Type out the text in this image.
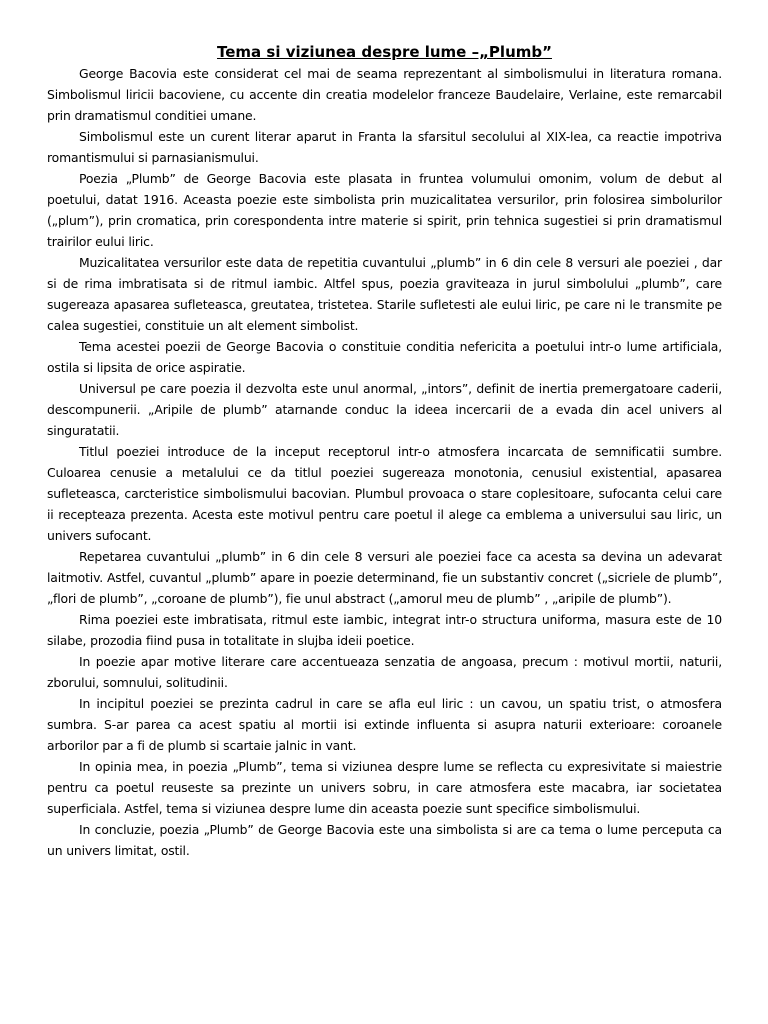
Tema si viziunea despre lume –„Plumb”

George Bacovia este considerat cel mai de seama reprezentant al simbolismului in literatura romana. Simbolismul liricii bacoviene, cu accente din creatia modelelor franceze Baudelaire, Verlaine, este remarcabil prin dramatismul conditiei umane.

Simbolismul este un curent literar aparut in Franta la sfarsitul secolului al XIX-lea, ca reactie impotriva romantismului si parnasianismului.

Poezia „Plumb” de George Bacovia este plasata in fruntea volumului omonim, volum de debut al poetului, datat 1916. Aceasta poezie este simbolista prin muzicalitatea versurilor, prin folosirea simbolurilor („plum”), prin cromatica, prin corespondenta intre materie si spirit, prin tehnica sugestiei si prin dramatismul trairilor eului liric.

Muzicalitatea versurilor este data de repetitia cuvantului „plumb” in 6 din cele 8 versuri ale poeziei , dar si de rima imbratisata si de ritmul iambic. Altfel spus, poezia graviteaza in jurul simbolului „plumb”, care sugereaza apasarea sufleteasca, greutatea, tristetea. Starile sufletesti ale eului liric, pe care ni le transmite pe calea sugestiei, constituie un alt element simbolist.

Tema acestei poezii de George Bacovia o constituie conditia nefericita a poetului intr-o lume artificiala, ostila si lipsita de orice aspiratie.

Universul pe care poezia il dezvolta este unul anormal, „intors”, definit de inertia premergatoare caderii, descompunerii. „Aripile de plumb” atarnande conduc la ideea incercarii de a evada din acel univers al singuratatii.

Titlul poeziei introduce de la inceput receptorul intr-o atmosfera incarcata de semnificatii sumbre. Culoarea cenusie a metalului ce da titlul poeziei sugereaza monotonia, cenusiul existential, apasarea sufleteasca, carcteristice simbolismului bacovian. Plumbul provoaca o stare coplesitoare, sufocanta celui care ii recepteaza prezenta. Acesta este motivul pentru care poetul il alege ca emblema a universului sau liric, un univers sufocant.

Repetarea cuvantului „plumb” in 6 din cele 8 versuri ale poeziei face ca acesta sa devina un adevarat laitmotiv. Astfel, cuvantul „plumb” apare in poezie determinand, fie un substantiv concret („sicriele de plumb”, „flori de plumb”, „coroane de plumb”), fie unul abstract („amorul meu de plumb” , „aripile de plumb”).

Rima poeziei este imbratisata, ritmul este iambic, integrat intr-o structura uniforma, masura este de 10 silabe, prozodia fiind pusa in totalitate in slujba ideii poetice.

In poezie apar motive literare care accentueaza senzatia de angoasa, precum : motivul mortii, naturii, zborului, somnului, solitudinii.

In incipitul poeziei se prezinta cadrul in care se afla eul liric : un cavou, un spatiu trist, o atmosfera sumbra. S-ar parea ca acest spatiu al mortii isi extinde influenta si asupra naturii exterioare: coroanele arborilor par a fi de plumb si scartaie jalnic in vant.

In opinia mea, in poezia „Plumb”, tema si viziunea despre lume se reflecta cu expresivitate si maiestrie pentru ca poetul reuseste sa prezinte un univers sobru, in care atmosfera este macabra, iar societatea superficiala. Astfel, tema si viziunea despre lume din aceasta poezie sunt specifice simbolismului.

In concluzie, poezia „Plumb” de George Bacovia este una simbolista si are ca tema o lume perceputa ca un univers limitat, ostil.
